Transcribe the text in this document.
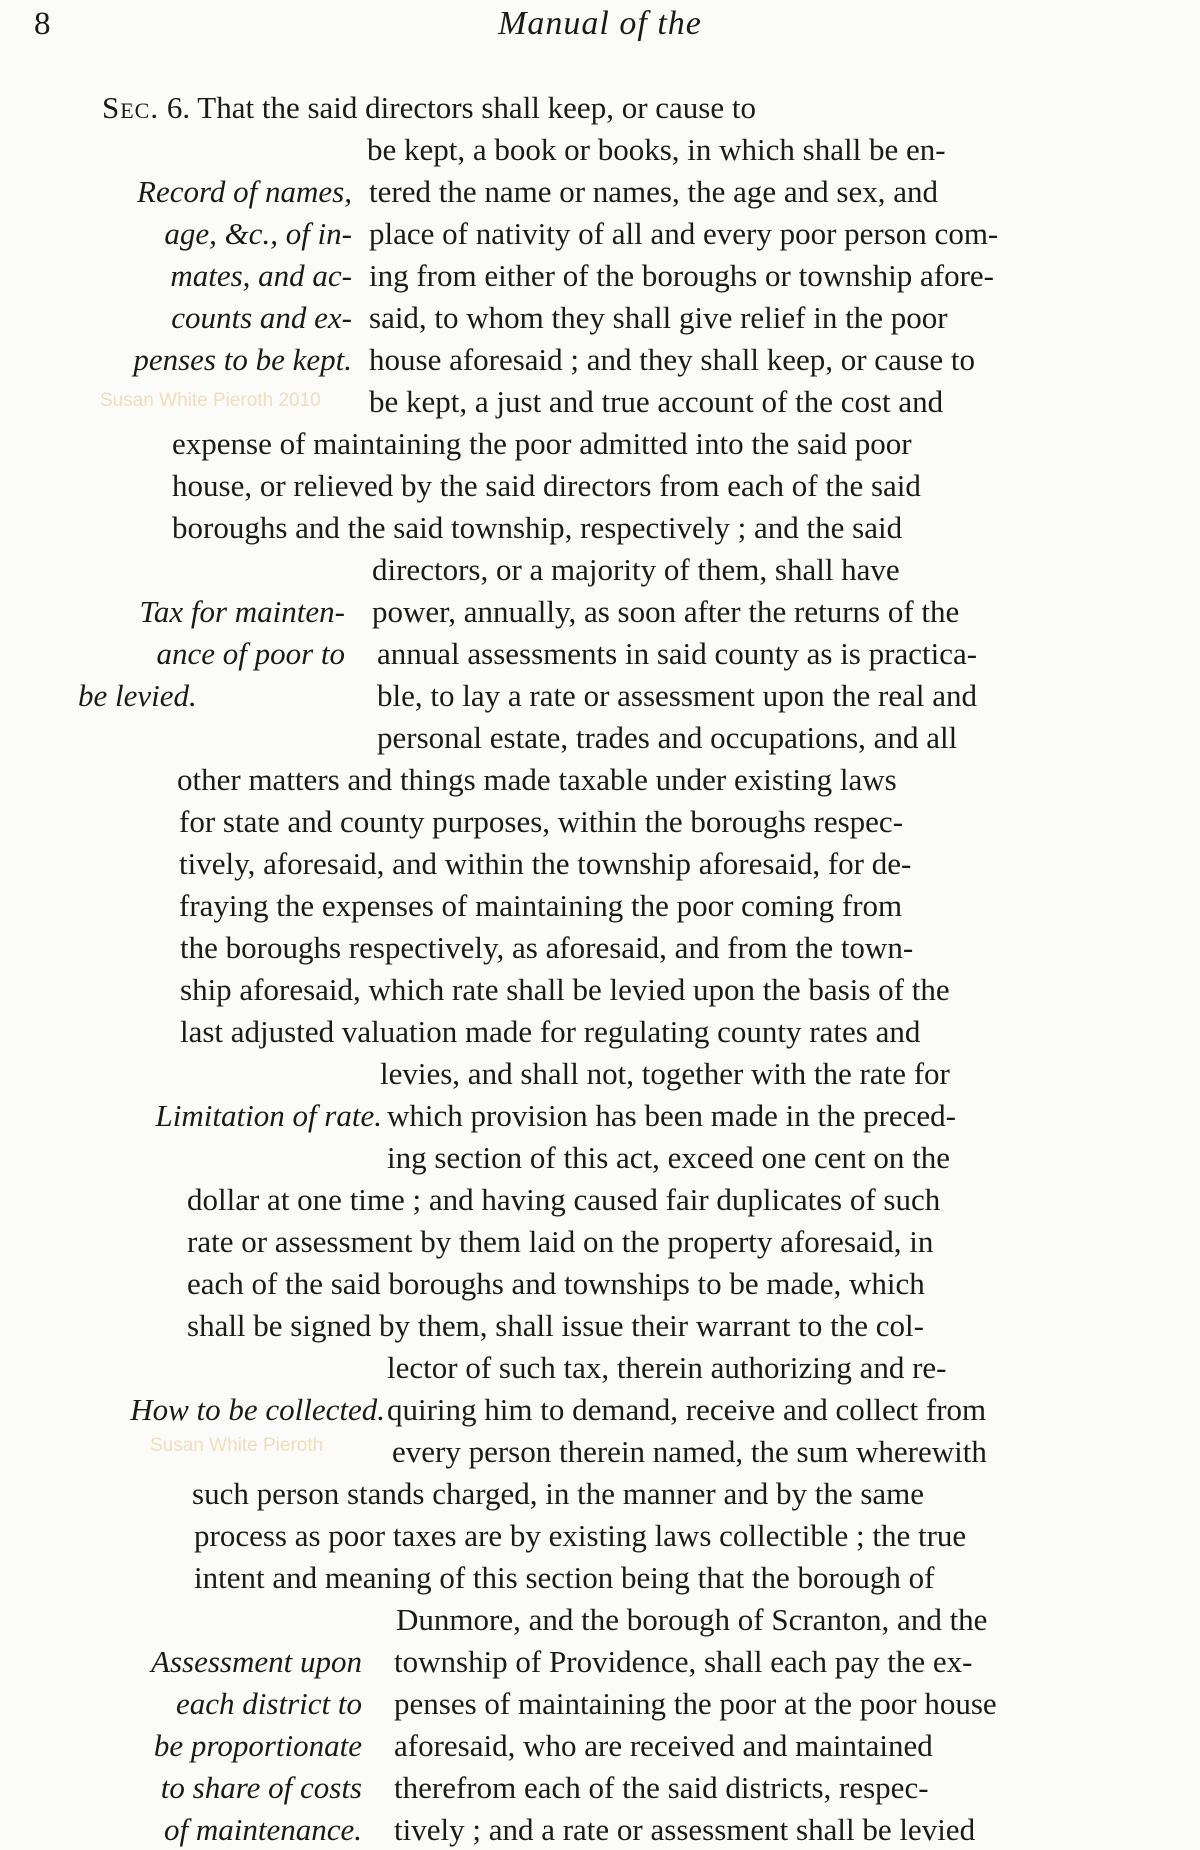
8	Manual of the
Susan White Pieroth 2010
Susan White Pieroth
Sec. 6. That the said directors shall keep, or cause to
be kept, a book or books, in which shall be en-
tered the name or names, the age and sex, and
place of nativity of all and every poor person com-
ing from either of the boroughs or township afore-
said, to whom they shall give relief in the poor
house aforesaid ; and they shall keep, or cause to
be kept, a just and true account of the cost and
expense of maintaining the poor admitted into the said poor
house, or relieved by the said directors from each of the said
boroughs and the said township, respectively ; and the said
directors, or a majority of them, shall have
power, annually, as soon after the returns of the
annual assessments in said county as is practica-
ble, to lay a rate or assessment upon the real and
personal estate, trades and occupations, and all
other matters and things made taxable under existing laws
for state and county purposes, within the boroughs respec-
tively, aforesaid, and within the township aforesaid, for de-
fraying the expenses of maintaining the poor coming from
the boroughs respectively, as aforesaid, and from the town-
ship aforesaid, which rate shall be levied upon the basis of the
last adjusted valuation made for regulating county rates and
levies, and shall not, together with the rate for
which provision has been made in the preced-
ing section of this act, exceed one cent on the
dollar at one time ; and having caused fair duplicates of such
rate or assessment by them laid on the property aforesaid, in
each of the said boroughs and townships to be made, which
shall be signed by them, shall issue their warrant to the col-
lector of such tax, therein authorizing and re-
quiring him to demand, receive and collect from
every person therein named, the sum wherewith
such person stands charged, in the manner and by the same
process as poor taxes are by existing laws collectible ; the true
intent and meaning of this section being that the borough of
Dunmore, and the borough of Scranton, and the
township of Providence, shall each pay the ex-
penses of maintaining the poor at the poor house
aforesaid, who are received and maintained
therefrom each of the said districts, respec-
tively ; and a rate or assessment shall be levied
Record of names,
age, &c., of in-
mates, and ac-
counts and ex-
penses to be kept.
Tax for mainten-
ance of poor to
be levied.
Limitation of rate.
How to be collected.
Assessment upon
each district to
be proportionate
to share of costs
of maintenance.
